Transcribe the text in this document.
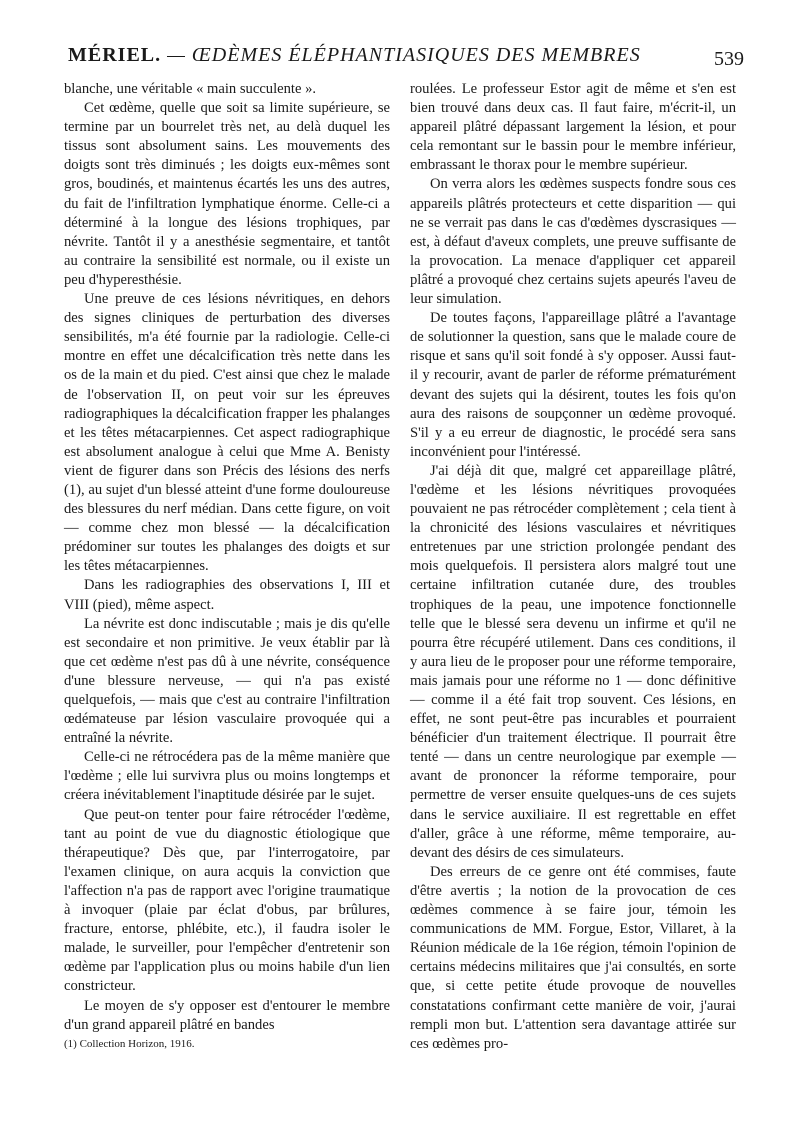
MÉRIEL. — ŒDÈMES ÉLÉPHANTIASIQUES DES MEMBRES	539

blanche, une véritable « main succulente ».

Cet œdème, quelle que soit sa limite supérieure, se termine par un bourrelet très net, au delà duquel les tissus sont absolument sains. Les mouvements des doigts sont très diminués ; les doigts eux-mêmes sont gros, boudinés, et maintenus écartés les uns des autres, du fait de l'infiltration lymphatique énorme. Celle-ci a déterminé à la longue des lésions trophiques, par névrite. Tantôt il y a anesthésie segmentaire, et tantôt au contraire la sensibilité est normale, ou il existe un peu d'hyperesthésie.

Une preuve de ces lésions névritiques, en dehors des signes cliniques de perturbation des diverses sensibilités, m'a été fournie par la radiologie. Celle-ci montre en effet une décalcification très nette dans les os de la main et du pied. C'est ainsi que chez le malade de l'observation II, on peut voir sur les épreuves radiographiques la décalcification frapper les phalanges et les têtes métacarpiennes. Cet aspect radiographique est absolument analogue à celui que Mme A. Benisty vient de figurer dans son Précis des lésions des nerfs (1), au sujet d'un blessé atteint d'une forme douloureuse des blessures du nerf médian. Dans cette figure, on voit — comme chez mon blessé — la décalcification prédominer sur toutes les phalanges des doigts et sur les têtes métacarpiennes.

Dans les radiographies des observations I, III et VIII (pied), même aspect.

La névrite est donc indiscutable ; mais je dis qu'elle est secondaire et non primitive. Je veux établir par là que cet œdème n'est pas dû à une névrite, conséquence d'une blessure nerveuse, — qui n'a pas existé quelquefois, — mais que c'est au contraire l'infiltration œdémateuse par lésion vasculaire provoquée qui a entraîné la névrite.

Celle-ci ne rétrocédera pas de la même manière que l'œdème ; elle lui survivra plus ou moins longtemps et créera inévitablement l'inaptitude désirée par le sujet.

Que peut-on tenter pour faire rétrocéder l'œdème, tant au point de vue du diagnostic étiologique que thérapeutique? Dès que, par l'interrogatoire, par l'examen clinique, on aura acquis la conviction que l'affection n'a pas de rapport avec l'origine traumatique à invoquer (plaie par éclat d'obus, par brûlures, fracture, entorse, phlébite, etc.), il faudra isoler le malade, le surveiller, pour l'empêcher d'entretenir son œdème par l'application plus ou moins habile d'un lien constricteur.

Le moyen de s'y opposer est d'entourer le membre d'un grand appareil plâtré en bandes

(1) Collection Horizon, 1916.

roulées. Le professeur Estor agit de même et s'en est bien trouvé dans deux cas. Il faut faire, m'écrit-il, un appareil plâtré dépassant largement la lésion, et pour cela remontant sur le bassin pour le membre inférieur, embrassant le thorax pour le membre supérieur.

On verra alors les œdèmes suspects fondre sous ces appareils plâtrés protecteurs et cette disparition — qui ne se verrait pas dans le cas d'œdèmes dyscrasiques — est, à défaut d'aveux complets, une preuve suffisante de la provocation. La menace d'appliquer cet appareil plâtré a provoqué chez certains sujets apeurés l'aveu de leur simulation.

De toutes façons, l'appareillage plâtré a l'avantage de solutionner la question, sans que le malade coure de risque et sans qu'il soit fondé à s'y opposer. Aussi faut-il y recourir, avant de parler de réforme prématurément devant des sujets qui la désirent, toutes les fois qu'on aura des raisons de soupçonner un œdème provoqué. S'il y a eu erreur de diagnostic, le procédé sera sans inconvénient pour l'intéressé.

J'ai déjà dit que, malgré cet appareillage plâtré, l'œdème et les lésions névritiques provoquées pouvaient ne pas rétrocéder complètement ; cela tient à la chronicité des lésions vasculaires et névritiques entretenues par une striction prolongée pendant des mois quelquefois. Il persistera alors malgré tout une certaine infiltration cutanée dure, des troubles trophiques de la peau, une impotence fonctionnelle telle que le blessé sera devenu un infirme et qu'il ne pourra être récupéré utilement. Dans ces conditions, il y aura lieu de le proposer pour une réforme temporaire, mais jamais pour une réforme no 1 — donc définitive — comme il a été fait trop souvent. Ces lésions, en effet, ne sont peut-être pas incurables et pourraient bénéficier d'un traitement électrique. Il pourrait être tenté — dans un centre neurologique par exemple — avant de prononcer la réforme temporaire, pour permettre de verser ensuite quelques-uns de ces sujets dans le service auxiliaire. Il est regrettable en effet d'aller, grâce à une réforme, même temporaire, au-devant des désirs de ces simulateurs.

Des erreurs de ce genre ont été commises, faute d'être avertis ; la notion de la provocation de ces œdèmes commence à se faire jour, témoin les communications de MM. Forgue, Estor, Villaret, à la Réunion médicale de la 16e région, témoin l'opinion de certains médecins militaires que j'ai consultés, en sorte que, si cette petite étude provoque de nouvelles constatations confirmant cette manière de voir, j'aurai rempli mon but. L'attention sera davantage attirée sur ces œdèmes pro-
